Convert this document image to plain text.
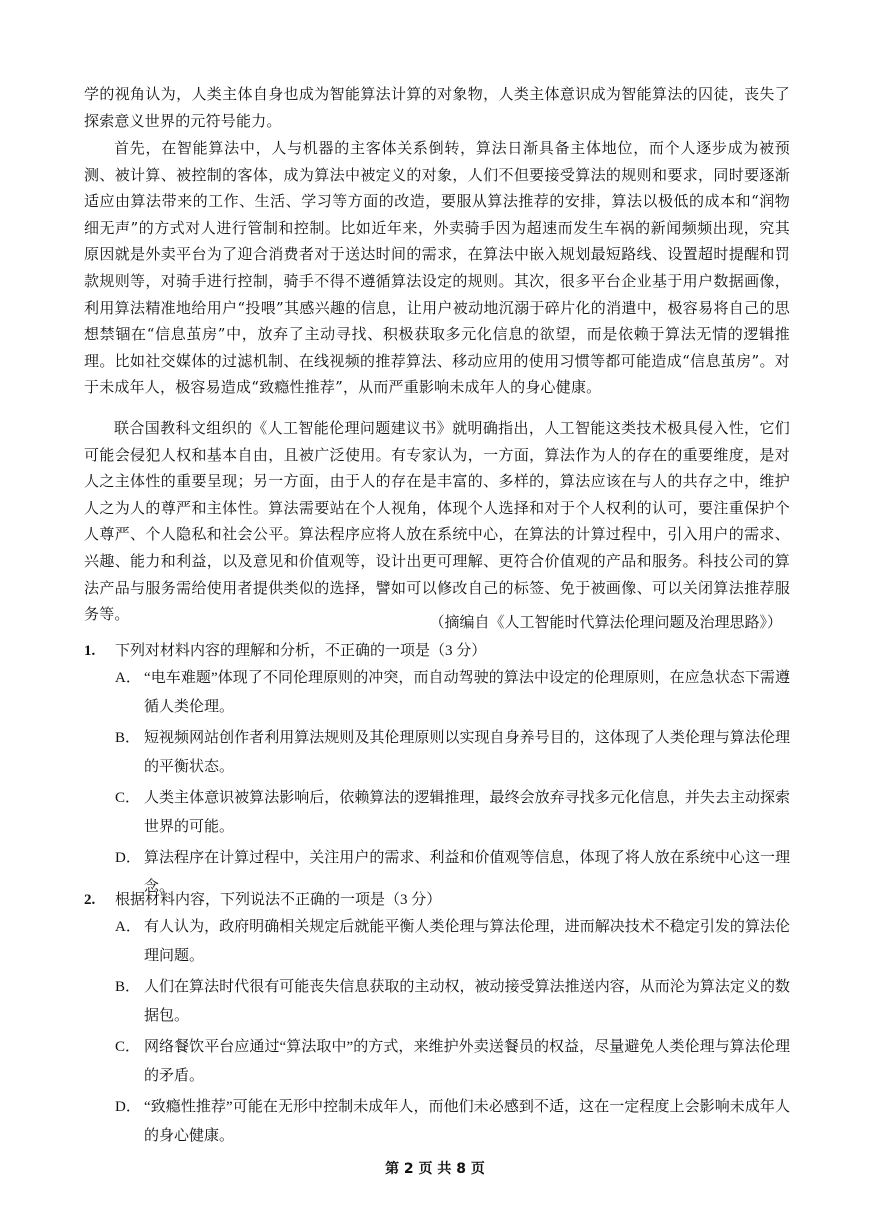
学的视角认为，人类主体自身也成为智能算法计算的对象物，人类主体意识成为智能算法的囚徒，丧失了探索意义世界的元符号能力。
首先，在智能算法中，人与机器的主客体关系倒转，算法日渐具备主体地位，而个人逐步成为被预测、被计算、被控制的客体，成为算法中被定义的对象，人们不但要接受算法的规则和要求，同时要逐渐适应由算法带来的工作、生活、学习等方面的改造，要服从算法推荐的安排，算法以极低的成本和“润物细无声”的方式对人进行管制和控制。比如近年来，外卖骑手因为超速而发生车祸的新闻频频出现，究其原因就是外卖平台为了迎合消费者对于送达时间的需求，在算法中嵌入规划最短路线、设置超时提醒和罚款规则等，对骑手进行控制，骑手不得不遵循算法设定的规则。其次，很多平台企业基于用户数据画像，利用算法精准地给用户“投喂”其感兴趣的信息，让用户被动地沉溺于碎片化的消遣中，极容易将自己的思想禁锢在“信息茧房”中，放弃了主动寻找、积极获取多元化信息的欲望，而是依赖于算法无情的逻辑推理。比如社交媒体的过滤机制、在线视频的推荐算法、移动应用的使用习惯等都可能造成“信息茧房”。对于未成年人，极容易造成“致瘾性推荐”，从而严重影响未成年人的身心健康。
联合国教科文组织的《人工智能伦理问题建议书》就明确指出，人工智能这类技术极具侵入性，它们可能会侵犯人权和基本自由，且被广泛使用。有专家认为，一方面，算法作为人的存在的重要维度，是对人之主体性的重要呈现；另一方面，由于人的存在是丰富的、多样的，算法应该在与人的共存之中，维护人之为人的尊严和主体性。算法需要站在个人视角，体现个人选择和对于个人权利的认可，要注重保护个人尊严、个人隐私和社会公平。算法程序应将人放在系统中心，在算法的计算过程中，引入用户的需求、兴趣、能力和利益，以及意见和价值观等，设计出更可理解、更符合价值观的产品和服务。科技公司的算法产品与服务需给使用者提供类似的选择，譬如可以修改自己的标签、免于被画像、可以关闭算法推荐服务等。	（摘编自《人工智能时代算法伦理问题及治理思路》）
1. 下列对材料内容的理解和分析，不正确的一项是（3 分）
A． “电车难题”体现了不同伦理原则的冲突，而自动驾驶的算法中设定的伦理原则，在应急状态下需遵循人类伦理。
B． 短视频网站创作者利用算法规则及其伦理原则以实现自身养号目的，这体现了人类伦理与算法伦理的平衡状态。
C． 人类主体意识被算法影响后，依赖算法的逻辑推理，最终会放弃寻找多元化信息，并失去主动探索世界的可能。
D． 算法程序在计算过程中，关注用户的需求、利益和价值观等信息，体现了将人放在系统中心这一理念。
2. 根据材料内容，下列说法不正确的一项是（3 分）
A． 有人认为，政府明确相关规定后就能平衡人类伦理与算法伦理，进而解决技术不稳定引发的算法伦理问题。
B． 人们在算法时代很有可能丧失信息获取的主动权，被动接受算法推送内容，从而沦为算法定义的数据包。
C． 网络餐饮平台应通过“算法取中”的方式，来维护外卖送餐员的权益，尽量避免人类伦理与算法伦理的矛盾。
D． “致瘾性推荐”可能在无形中控制未成年人，而他们未必感到不适，这在一定程度上会影响未成年人的身心健康。
第 2 页 共 8 页
